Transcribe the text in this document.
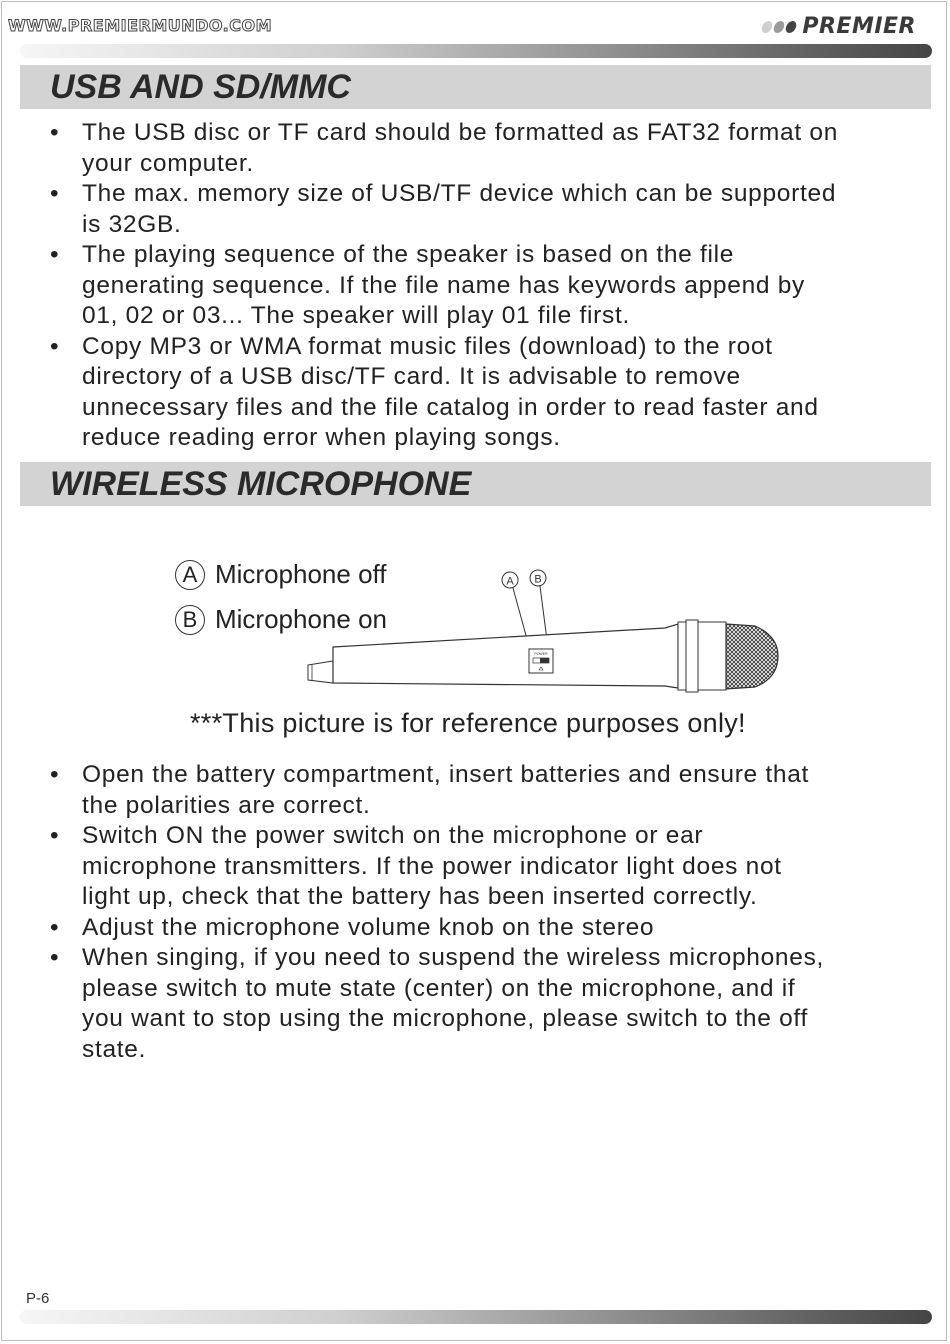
WWW.PREMIERMUNDO.COM	PREMIER
USB AND SD/MMC
• The USB disc or TF card should be formatted as FAT32 format on
your computer.
• The max. memory size of USB/TF device which can be supported
is 32GB.
• The playing sequence of the speaker is based on the file
generating sequence. If the file name has keywords append by
01, 02 or 03... The speaker will play 01 file first.
• Copy MP3 or WMA format music files (download) to the root
directory of a USB disc/TF card. It is advisable to remove
unnecessary files and the file catalog in order to read faster and
reduce reading error when playing songs.
WIRELESS MICROPHONE
A Microphone off
B Microphone on
A B
POWER
***This picture is for reference purposes only!
• Open the battery compartment, insert batteries and ensure that
the polarities are correct.
• Switch ON the power switch on the microphone or ear
microphone transmitters. If the power indicator light does not
light up, check that the battery has been inserted correctly.
• Adjust the microphone volume knob on the stereo
• When singing, if you need to suspend the wireless microphones,
please switch to mute state (center) on the microphone, and if
you want to stop using the microphone, please switch to the off
state.
P-6
